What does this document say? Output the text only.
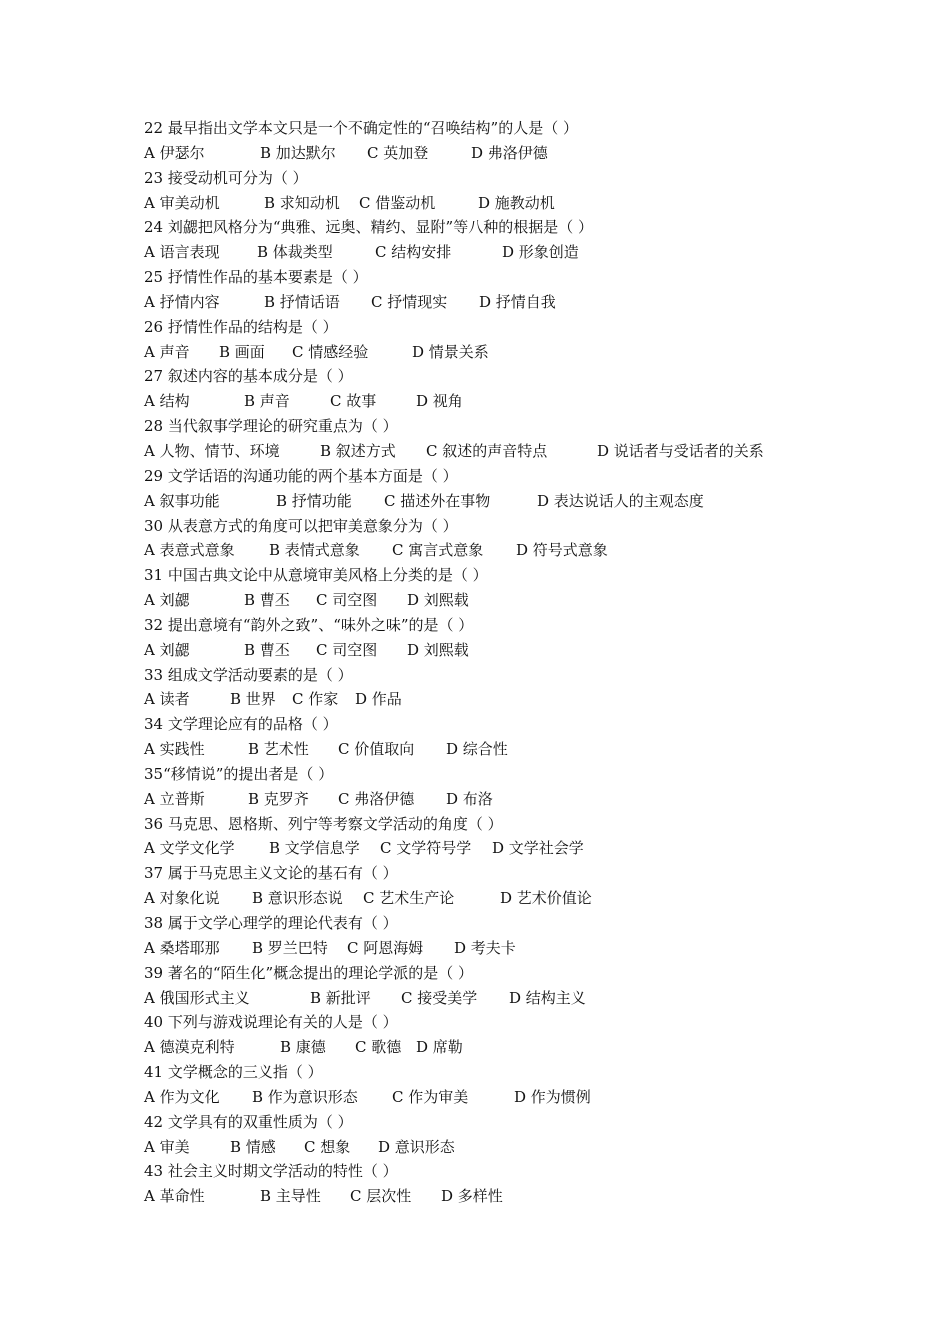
22 最早指出文学本文只是一个不确定性的“召唤结构”的人是（ ）
A 伊瑟尔	B 加达默尔 C 英加登	D 弗洛伊德
23 接受动机可分为（ ）
A 审美动机	B 求知动机 C 借鉴动机	D 施教动机
24 刘勰把风格分为“典雅、远奥、精约、显附”等八种的根据是（ ）
A 语言表现 B 体裁类型	C 结构安排	D 形象创造
25 抒情性作品的基本要素是（ ）
A 抒情内容	B 抒情话语 C 抒情现实 D 抒情自我
26 抒情性作品的结构是（ ）
A 声音 B 画面 C 情感经验	D 情景关系
27 叙述内容的基本成分是（ ）
A 结构	B 声音	C 故事	D 视角
28 当代叙事学理论的研究重点为（ ）
A 人物、情节、环境	B 叙述方式 C 叙述的声音特点	D 说话者与受话者的关系
29 文学话语的沟通功能的两个基本方面是（ ）
A 叙事功能	B 抒情功能 C 描述外在事物	D 表达说话人的主观态度
30 从表意方式的角度可以把审美意象分为（ ）
A 表意式意象 B 表情式意象 C 寓言式意象 D 符号式意象
31 中国古典文论中从意境审美风格上分类的是（ ）
A 刘勰	B 曹丕 C 司空图 D 刘熙载
32 提出意境有“韵外之致”、“味外之味”的是（ ）
A 刘勰	B 曹丕 C 司空图 D 刘熙载
33 组成文学活动要素的是（ ）
A 读者	B 世界 C 作家 D 作品
34 文学理论应有的品格（ ）
A 实践性	B 艺术性 C 价值取向 D 综合性
35“移情说”的提出者是（ ）
A 立普斯	B 克罗齐 C 弗洛伊德 D 布洛
36 马克思、恩格斯、列宁等考察文学活动的角度（ ）
A 文学文化学 B 文学信息学 C 文学符号学 D 文学社会学
37 属于马克思主义文论的基石有（ ）
A 对象化说 B 意识形态说 C 艺术生产论	D 艺术价值论
38 属于文学心理学的理论代表有（ ）
A 桑塔耶那 B 罗兰巴特 C 阿恩海姆 D 考夫卡
39 著名的“陌生化”概念提出的理论学派的是（ ）
A 俄国形式主义	B 新批评 C 接受美学 D 结构主义
40 下列与游戏说理论有关的人是（ ）
A 德漠克利特	B 康德 C 歌德 D 席勒
41 文学概念的三义指（ ）
A 作为文化 B 作为意识形态 C 作为审美	D 作为惯例
42 文学具有的双重性质为（ ）
A 审美	B 情感 C 想象 D 意识形态
43 社会主义时期文学活动的特性（ ）
A 革命性	B 主导性 C 层次性 D 多样性
